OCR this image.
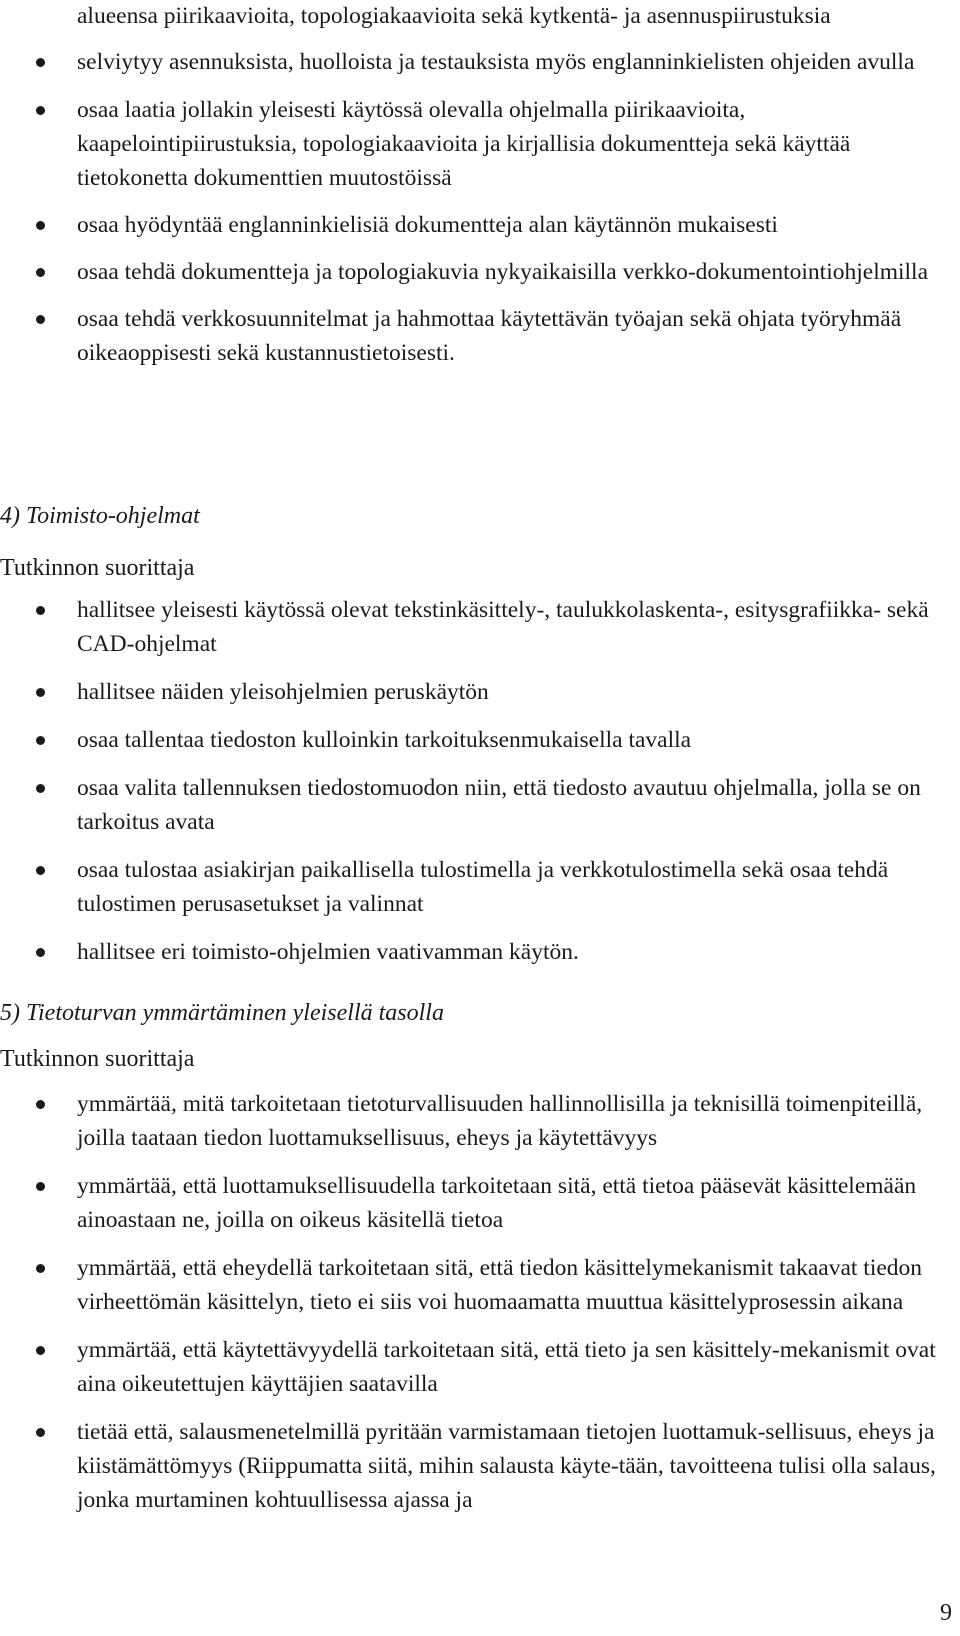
alueensa piirikaavioita, topologiakaavioita sekä kytkentä- ja asennuspiirustuksia
selviytyy asennuksista, huolloista ja testauksista myös englanninkielisten ohjeiden avulla
osaa laatia jollakin yleisesti käytössä olevalla ohjelmalla piirikaavioita, kaapelointipiirustuksia, topologiakaavioita ja kirjallisia dokumentteja sekä käyttää tietokonetta dokumenttien muutostöissä
osaa hyödyntää englanninkielisiä dokumentteja alan käytännön mukaisesti
osaa tehdä dokumentteja ja topologiakuvia nykyaikaisilla verkko-dokumentointiohjelmilla
osaa tehdä verkkosuunnitelmat ja hahmottaa käytettävän työajan sekä ohjata työryhmää oikeaoppisesti sekä kustannustietoisesti.
4) Toimisto-ohjelmat
Tutkinnon suorittaja
hallitsee yleisesti käytössä olevat tekstinkäsittely-, taulukkolaskenta-, esitysgrafiikka- sekä CAD-ohjelmat
hallitsee näiden yleisohjelmien peruskäytön
osaa tallentaa tiedoston kulloinkin tarkoituksenmukaisella tavalla
osaa valita tallennuksen tiedostomuodon niin, että tiedosto avautuu ohjelmalla, jolla se on tarkoitus avata
osaa tulostaa asiakirjan paikallisella tulostimella ja verkkotulostimella sekä osaa tehdä tulostimen perusasetukset ja valinnat
hallitsee eri toimisto-ohjelmien vaativamman käytön.
5) Tietoturvan ymmärtäminen yleisellä tasolla
Tutkinnon suorittaja
ymmärtää, mitä tarkoitetaan tietoturvallisuuden hallinnollisilla ja teknisillä toimenpiteillä, joilla taataan tiedon luottamuksellisuus, eheys ja käytettävyys
ymmärtää, että luottamuksellisuudella tarkoitetaan sitä, että tietoa pääsevät käsittelemään ainoastaan ne, joilla on oikeus käsitellä tietoa
ymmärtää, että eheydellä tarkoitetaan sitä, että tiedon käsittelymekanismit takaavat tiedon virheettömän käsittelyn, tieto ei siis voi huomaamatta muuttua käsittelyprosessin aikana
ymmärtää, että käytettävyydellä tarkoitetaan sitä, että tieto ja sen käsittely-mekanismit ovat aina oikeutettujen käyttäjien saatavilla
tietää että, salausmenetelmillä pyritään varmistamaan tietojen luottamuk-sellisuus, eheys ja kiistämättömyys (Riippumatta siitä, mihin salausta käyte-tään, tavoitteena tulisi olla salaus, jonka murtaminen kohtuullisessa ajassa ja
9
